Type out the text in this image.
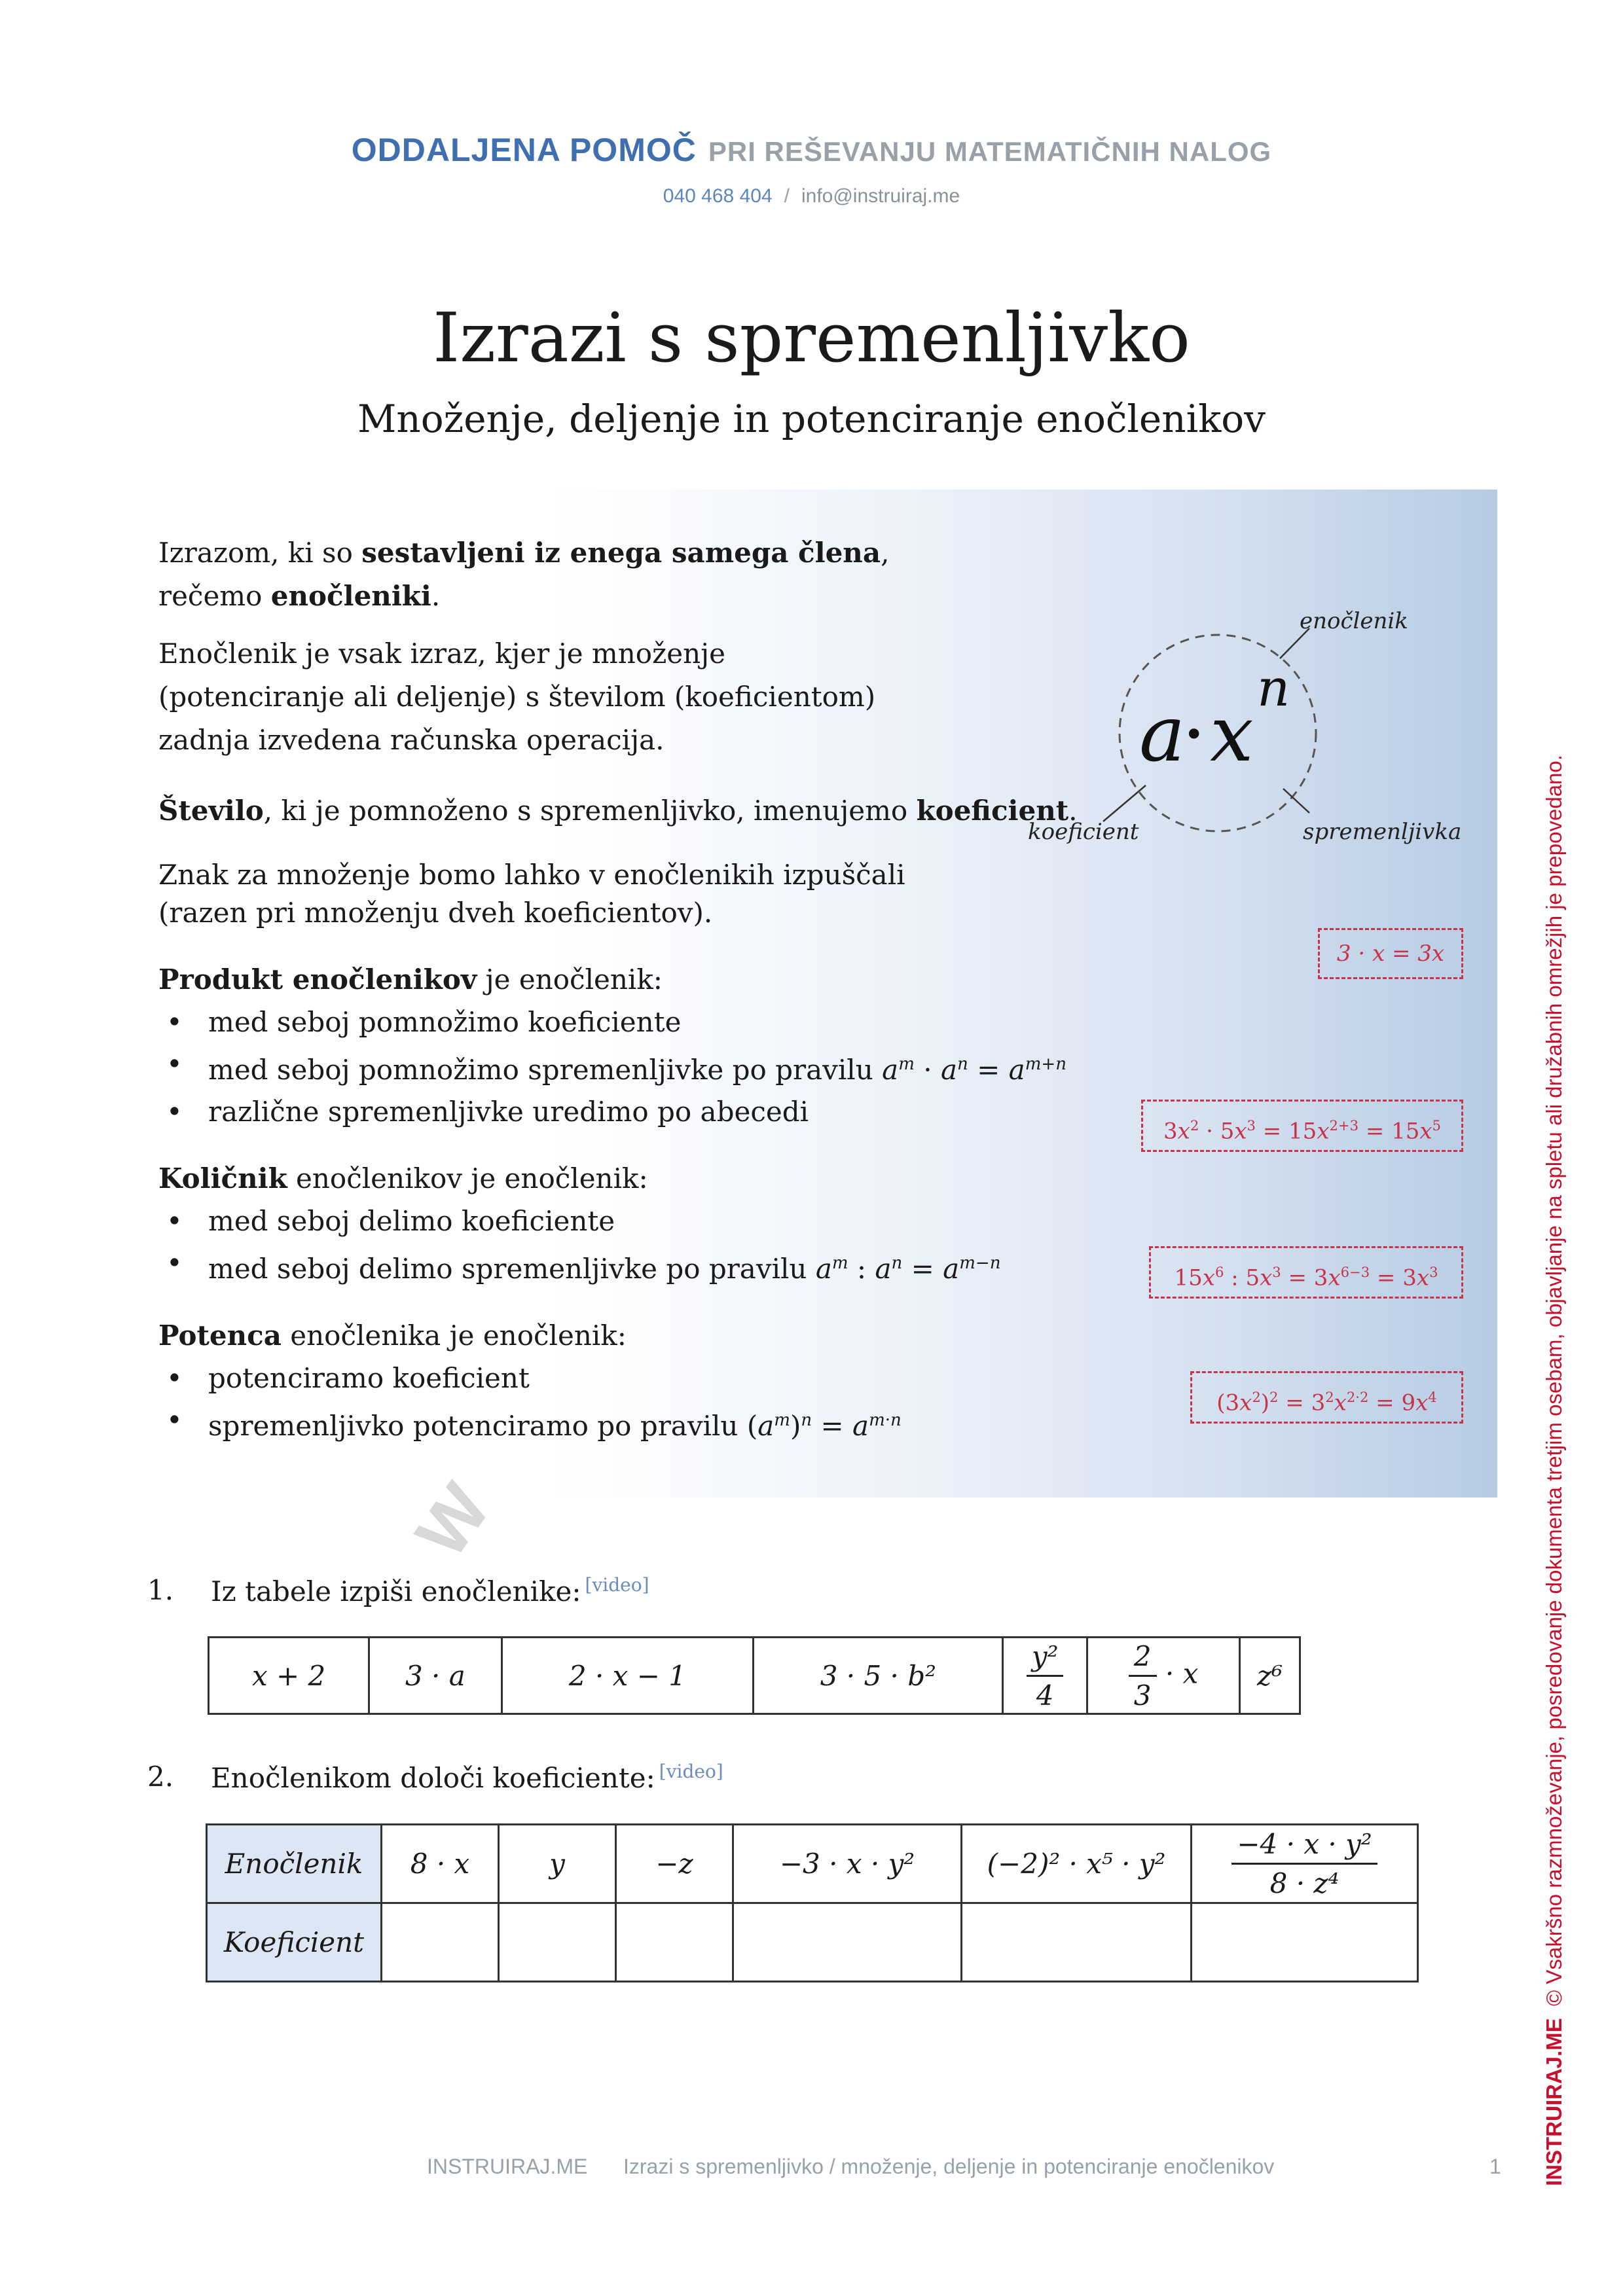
ODDALJENA POMOČ PRI REŠEVANJU MATEMATIČNIH NALOG
040 468 404 / info@instruiraj.me
Izrazi s spremenljivko
Množenje, deljenje in potenciranje enočlenikov
Izrazom, ki so sestavljeni iz enega samega člena,
rečemo enočleniki.
Enočlenik je vsak izraz, kjer je množenje
(potenciranje ali deljenje) s številom (koeficientom)
zadnja izvedena računska operacija.
Število, ki je pomnoženo s spremenljivko, imenujemo koeficient.
Znak za množenje bomo lahko v enočlenikih izpuščali
(razen pri množenju dveh koeficientov).
Produkt enočlenikov je enočlenik:
• med seboj pomnožimo koeficiente
• med seboj pomnožimo spremenljivke po pravilu $a^m \cdot a^n = a^{m+n}$
• različne spremenljivke uredimo po abecedi
Količnik enočlenikov je enočlenik:
• med seboj delimo koeficiente
• med seboj delimo spremenljivke po pravilu $a^m$ : $a^n = a^{m-n}$
Potenca enočlenika je enočlenik:
• potenciramo koeficient
• spremenljivko potenciramo po pravilu $(a^m)^n = a^{m\cdot n}$
a
· x n
enočlenik
koeficient	spremenljivka
3 · x = 3x
$3x^2 \cdot 5x^3 = 15x^{2+3} = 15x^5$
$15x^6$ : $5x^3 = 3x^{6-3} = 3x^3$
$(3x^2)^2 = 3^2x^{2\cdot 2} = 9x^4$
W
INSTRUIRAJ.ME  © Vsakršno razmnoževanje, posredovanje dokumenta tretjim osebam, objavljanje na spletu ali družabnih omrežjih je prepovedano.
1. Iz tabele izpiši enočlenike: [video]
x + 2	3 · a	2 · x − 1	3 · 5 · b²	$\frac{\text{y²}}{4}$	$\frac{2}{3} \cdot x$	z⁶
2. Enočlenikom določi koeficiente: [video]
Enočlenik	8 · x	y	−z	−3 · x · y²	(−2)² · x⁵ · y²	$\frac{\text{−4 · x · y²}}{\text{8 · z⁴}}$

Koeficient						
INSTRUIRAJ.ME Izrazi s spremenljivko / množenje, deljenje in potenciranje enočlenikov	1
